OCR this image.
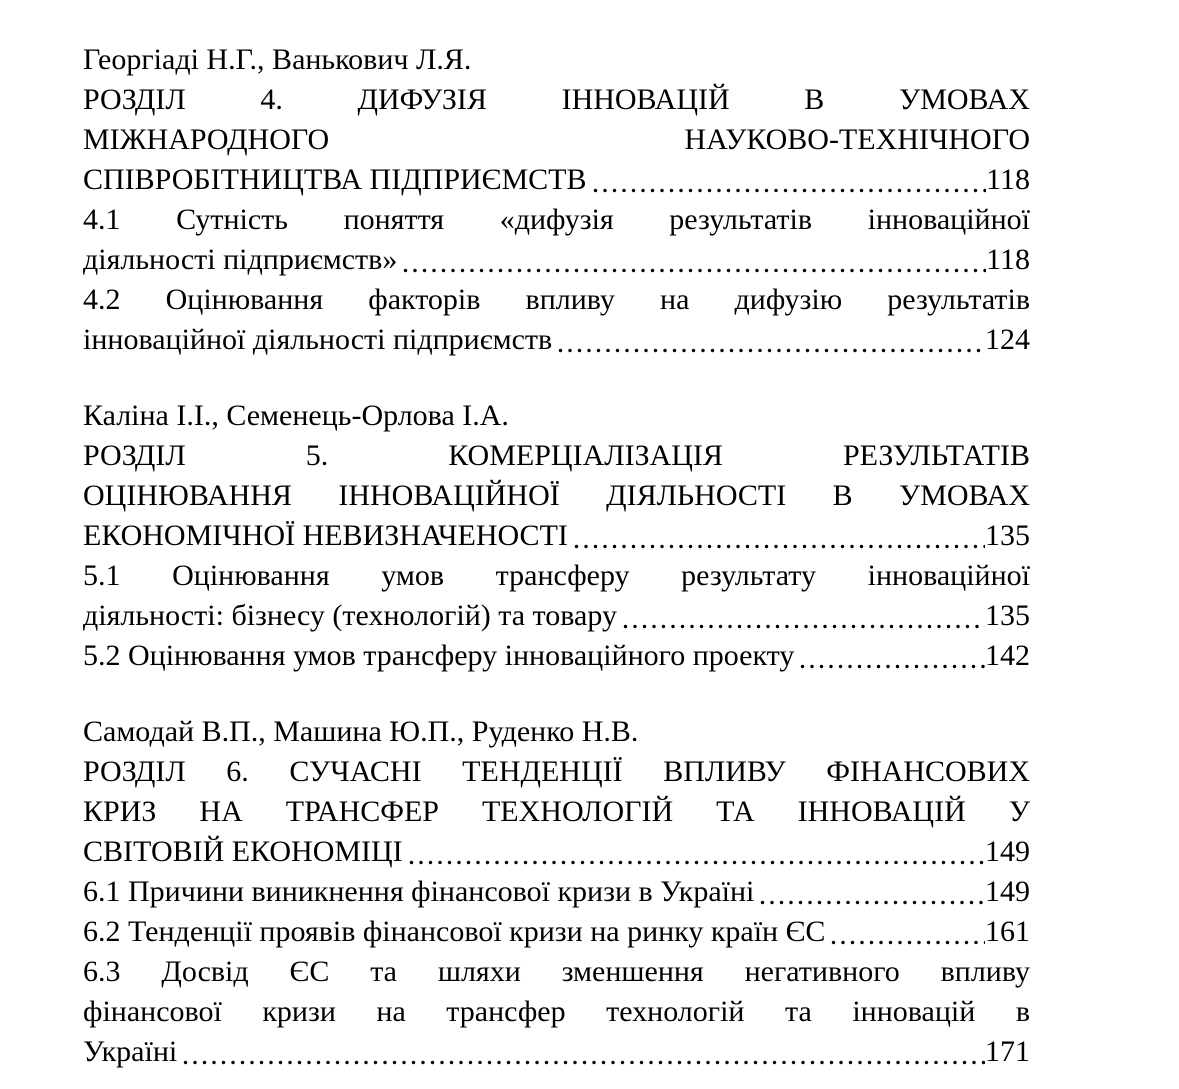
Георгіаді Н.Г., Ванькович Л.Я.
РОЗДІЛ 4. ДИФУЗІЯ ІННОВАЦІЙ В УМОВАХ
МІЖНАРОДНОГО НАУКОВО-ТЕХНІЧНОГО
СПІВРОБІТНИЦТВА ПІДПРИЄМСТВ	118
4.1 Сутність поняття «дифузія результатів інноваційної
діяльності підприємств»	118
4.2 Оцінювання факторів впливу на дифузію результатів
інноваційної діяльності підприємств	124
Каліна І.І., Семенець-Орлова І.А.
РОЗДІЛ 5. КОМЕРЦІАЛІЗАЦІЯ РЕЗУЛЬТАТІВ
ОЦІНЮВАННЯ ІННОВАЦІЙНОЇ ДІЯЛЬНОСТІ В УМОВАХ
ЕКОНОМІЧНОЇ НЕВИЗНАЧЕНОСТІ	135
5.1 Оцінювання умов трансферу результату інноваційної
діяльності: бізнесу (технологій) та товару	135
5.2 Оцінювання умов трансферу інноваційного проекту	142
Самодай В.П., Машина Ю.П., Руденко Н.В.
РОЗДІЛ 6. СУЧАСНІ ТЕНДЕНЦІЇ ВПЛИВУ ФІНАНСОВИХ
КРИЗ НА ТРАНСФЕР ТЕХНОЛОГІЙ ТА ІННОВАЦІЙ У
СВІТОВІЙ ЕКОНОМІЦІ	149
6.1 Причини виникнення фінансової кризи в Україні	149
6.2 Тенденції проявів фінансової кризи на ринку країн ЄС	161
6.3 Досвід ЄС та шляхи зменшення негативного впливу
фінансової кризи на трансфер технологій та інновацій в
Україні	171
